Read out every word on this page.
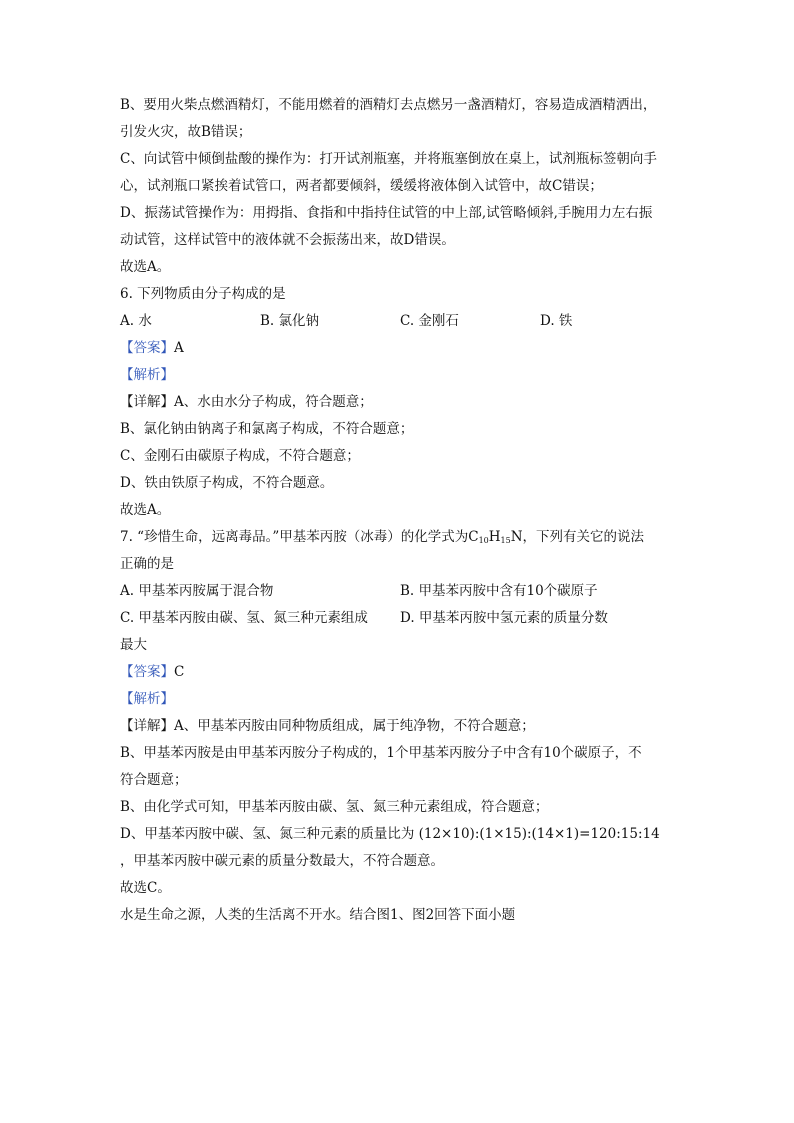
B、要用火柴点燃酒精灯，不能用燃着的酒精灯去点燃另一盏酒精灯，容易造成酒精洒出，
引发火灾，故B错误；
C、向试管中倾倒盐酸的操作为：打开试剂瓶塞，并将瓶塞倒放在桌上，试剂瓶标签朝向手
心，试剂瓶口紧挨着试管口，两者都要倾斜，缓缓将液体倒入试管中，故C错误；
D、振荡试管操作为：用拇指、食指和中指持住试管的中上部,试管略倾斜,手腕用力左右振
动试管，这样试管中的液体就不会振荡出来，故D错误。
故选A。
6. 下列物质由分子构成的是
A. 水	B. 氯化钠	C. 金刚石	D. 铁
【答案】A
【解析】
【详解】A、水由水分子构成，符合题意；
B、氯化钠由钠离子和氯离子构成，不符合题意；
C、金刚石由碳原子构成，不符合题意；
D、铁由铁原子构成，不符合题意。
故选A。
7. “珍惜生命，远离毒品。”甲基苯丙胺（冰毒）的化学式为$C_{10}H_{15}N$，下列有关它的说法
正确的是
A. 甲基苯丙胺属于混合物	B. 甲基苯丙胺中含有10个碳原子
C. 甲基苯丙胺由碳、氢、氮三种元素组成	D. 甲基苯丙胺中氢元素的质量分数
最大
【答案】C
【解析】
【详解】A、甲基苯丙胺由同种物质组成，属于纯净物，不符合题意；
B、甲基苯丙胺是由甲基苯丙胺分子构成的，1个甲基苯丙胺分子中含有10个碳原子，不
符合题意；
B、由化学式可知，甲基苯丙胺由碳、氢、氮三种元素组成，符合题意；
D、甲基苯丙胺中碳、氢、氮三种元素的质量比为 (12×10):(1×15):(14×1)=120:15:14
，甲基苯丙胺中碳元素的质量分数最大，不符合题意。
故选C。
水是生命之源，人类的生活离不开水。结合图1、图2回答下面小题
